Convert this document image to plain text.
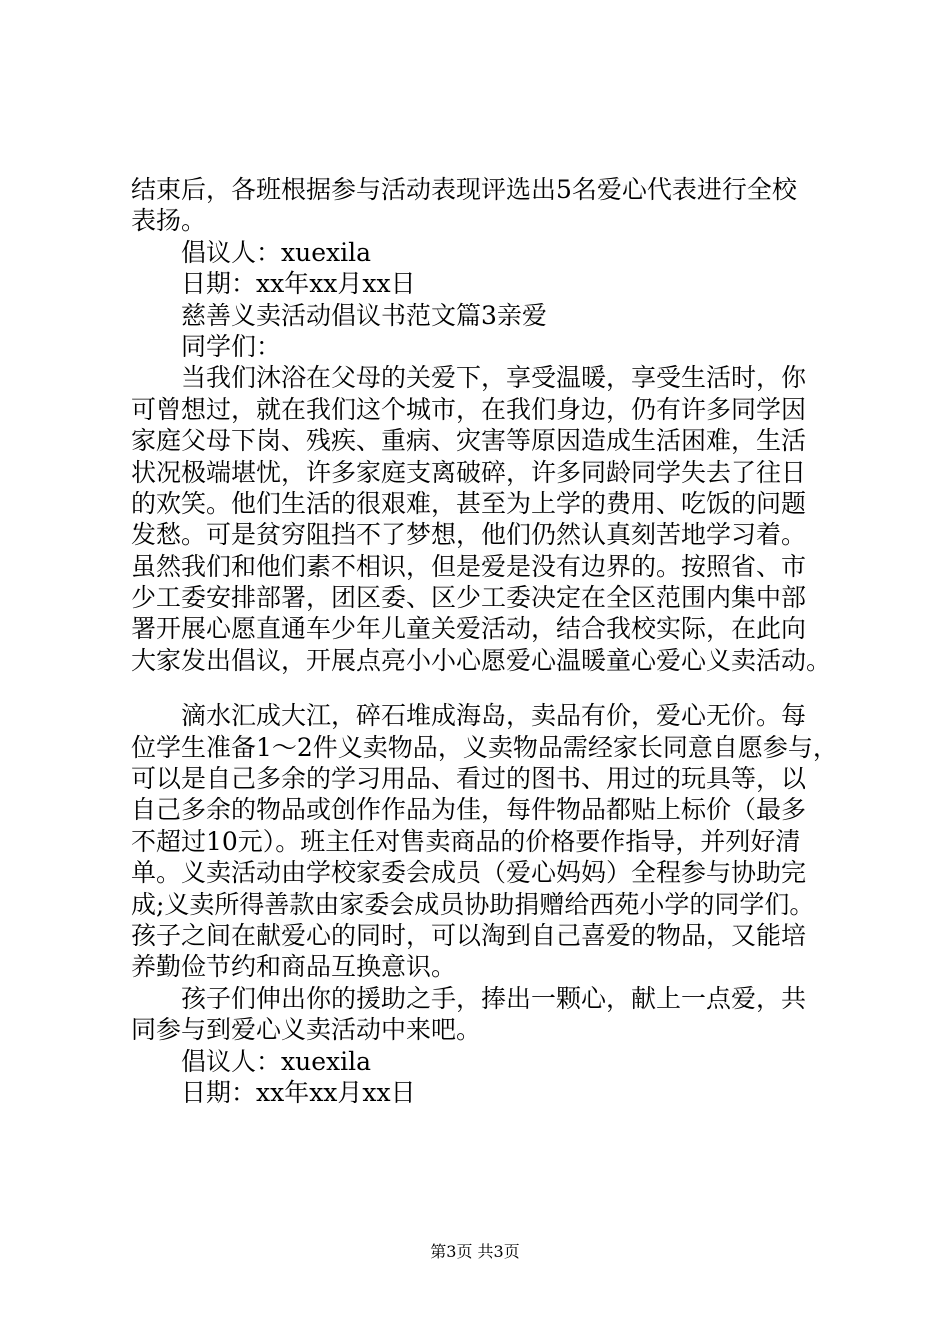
结束后，各班根据参与活动表现评选出5名爱心代表进行全校
表扬。
倡议人：xuexila
日期：xx年xx月xx日
慈善义卖活动倡议书范文篇3亲爱
同学们：
当我们沐浴在父母的关爱下，享受温暖，享受生活时，你
可曾想过，就在我们这个城市，在我们身边，仍有许多同学因
家庭父母下岗、残疾、重病、灾害等原因造成生活困难，生活
状况极端堪忧，许多家庭支离破碎，许多同龄同学失去了往日
的欢笑。他们生活的很艰难，甚至为上学的费用、吃饭的问题
发愁。可是贫穷阻挡不了梦想，他们仍然认真刻苦地学习着。
虽然我们和他们素不相识，但是爱是没有边界的。按照省、市
少工委安排部署，团区委、区少工委决定在全区范围内集中部
署开展心愿直通车少年儿童关爱活动，结合我校实际，在此向
大家发出倡议，开展点亮小小心愿爱心温暖童心爱心义卖活动。
滴水汇成大江，碎石堆成海岛，卖品有价，爱心无价。每
位学生准备1～2件义卖物品，义卖物品需经家长同意自愿参与，
可以是自己多余的学习用品、看过的图书、用过的玩具等，以
自己多余的物品或创作作品为佳，每件物品都贴上标价（最多
不超过10元）。班主任对售卖商品的价格要作指导，并列好清
单。义卖活动由学校家委会成员（爱心妈妈）全程参与协助完
成;义卖所得善款由家委会成员协助捐赠给西苑小学的同学们。
孩子之间在献爱心的同时，可以淘到自己喜爱的物品，又能培
养勤俭节约和商品互换意识。
孩子们伸出你的援助之手，捧出一颗心，献上一点爱，共
同参与到爱心义卖活动中来吧。
倡议人：xuexila
日期：xx年xx月xx日
第3页 共3页
